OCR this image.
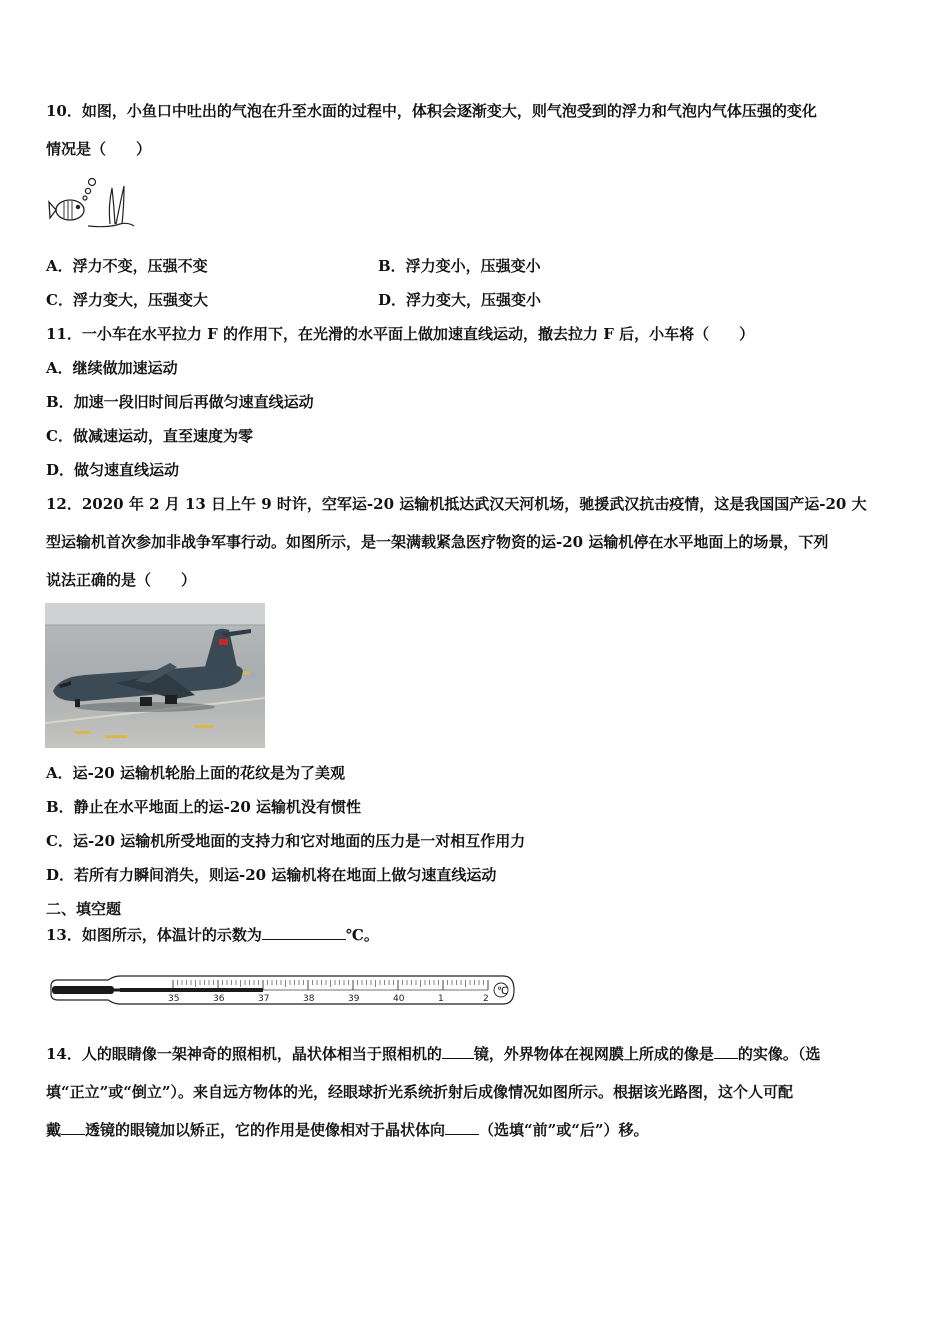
10．如图，小鱼口中吐出的气泡在升至水面的过程中，体积会逐渐变大，则气泡受到的浮力和气泡内气体压强的变化
情况是（　　）
A．浮力不变，压强不变	B．浮力变小，压强变小
C．浮力变大，压强变大	D．浮力变大，压强变小
11．一小车在水平拉力 F 的作用下，在光滑的水平面上做加速直线运动，撤去拉力 F 后，小车将（　　）
A．继续做加速运动
B．加速一段旧时间后再做匀速直线运动
C．做减速运动，直至速度为零
D．做匀速直线运动
12．2020 年 2 月 13 日上午 9 时许，空军运-20 运输机抵达武汉天河机场，驰援武汉抗击疫情，这是我国国产运-20 大
型运输机首次参加非战争军事行动。如图所示，是一架满载紧急医疗物资的运-20 运输机停在水平地面上的场景，下列
说法正确的是（　　）
A．运-20 运输机轮胎上面的花纹是为了美观
B．静止在水平地面上的运-20 运输机没有惯性
C．运-20 运输机所受地面的支持力和它对地面的压力是一对相互作用力
D．若所有力瞬间消失，则运-20 运输机将在地面上做匀速直线运动
二、填空题
13．如图所示，体温计的示数为	℃。
35	36	37	38	39	40	1	2
℃
14．人的眼睛像一架神奇的照相机，晶状体相当于照相机的 镜，外界物体在视网膜上所成的像是 的实像。（选
填“正立”或“倒立”）。来自远方物体的光，经眼球折光系统折射后成像情况如图所示。根据该光路图，这个人可配
戴 透镜的眼镜加以矫正，它的作用是使像相对于晶状体向 （选填“前”或“后”）移。
